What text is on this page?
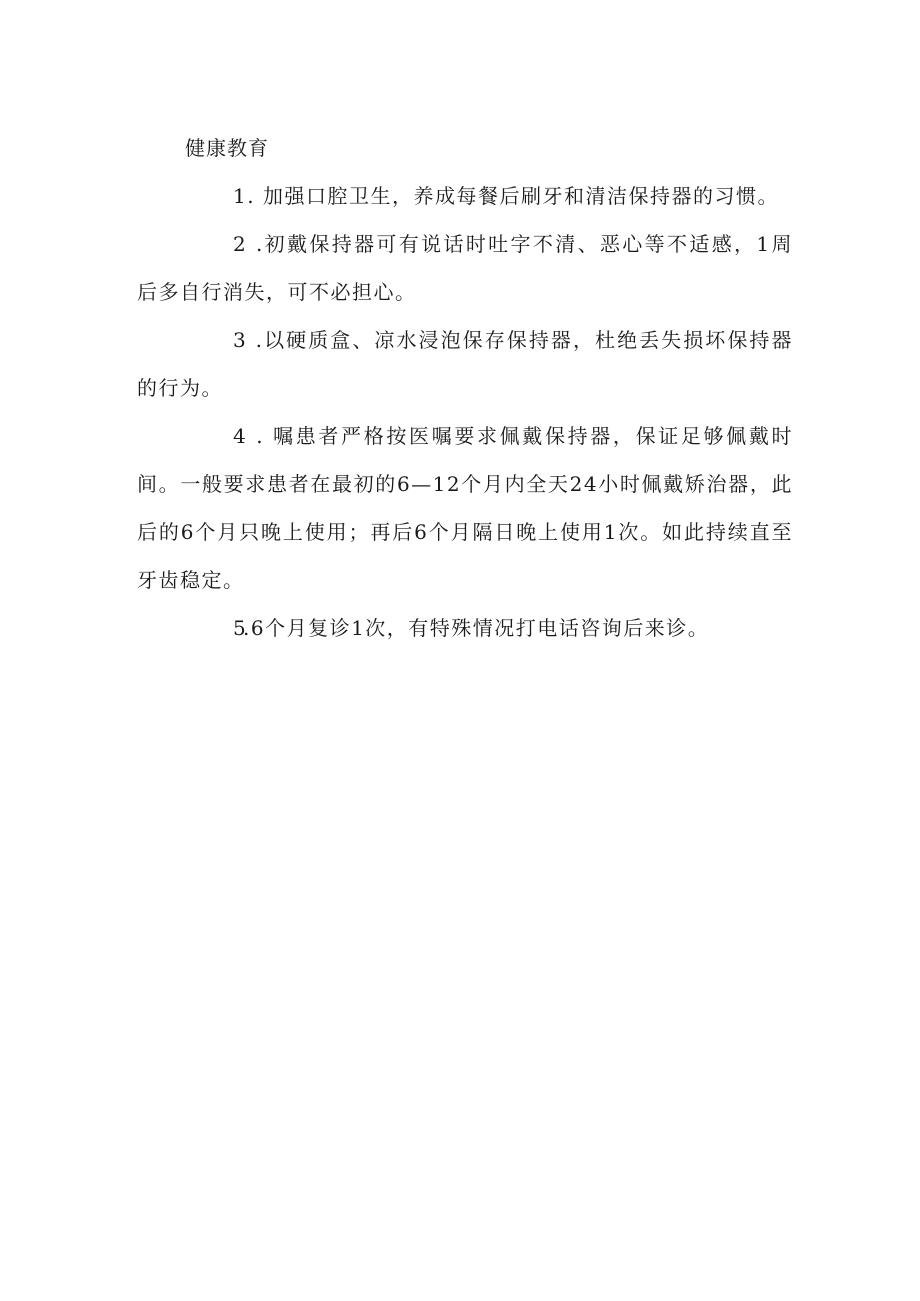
健康教育

1. 加强口腔卫生，养成每餐后刷牙和清洁保持器的习惯。

2 .初戴保持器可有说话时吐字不清、恶心等不适感，1周后多自行消失，可不必担心。

3 .以硬质盒、凉水浸泡保存保持器，杜绝丢失损坏保持器的行为。

4 . 嘱患者严格按医嘱要求佩戴保持器，保证足够佩戴时间。一般要求患者在最初的6—12个月内全天24小时佩戴矫治器，此后的6个月只晚上使用；再后6个月隔日晚上使用1次。如此持续直至牙齿稳定。

5.6个月复诊1次，有特殊情况打电话咨询后来诊。
